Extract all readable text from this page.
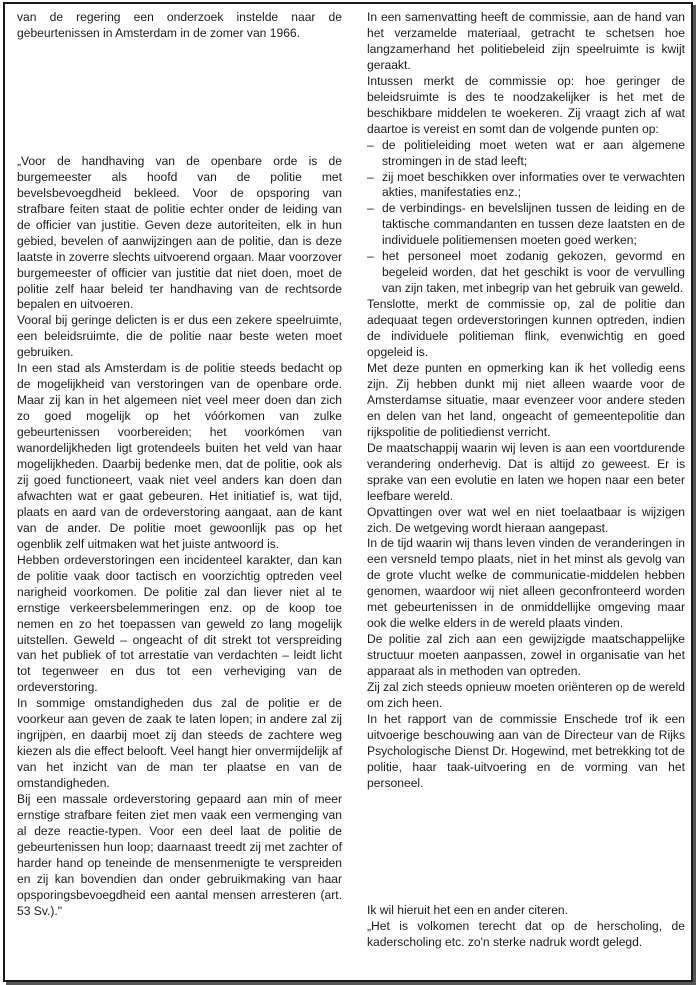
van de regering een onderzoek instelde naar de gebeurtenissen in Amsterdam in de zomer van 1966.

„Voor de handhaving van de openbare orde is de burgemeester als hoofd van de politie met bevelsbevoegdheid bekleed. Voor de opsporing van strafbare feiten staat de politie echter onder de leiding van de officier van justitie. Geven deze autoriteiten, elk in hun gebied, bevelen of aanwijzingen aan de politie, dan is deze laatste in zoverre slechts uitvoerend orgaan. Maar voorzover burgemeester of officier van justitie dat niet doen, moet de politie zelf haar beleid ter handhaving van de rechtsorde bepalen en uitvoeren.

Vooral bij geringe delicten is er dus een zekere speelruimte, een beleidsruimte, die de politie naar beste weten moet gebruiken.

In een stad als Amsterdam is de politie steeds bedacht op de mogelijkheid van verstoringen van de openbare orde. Maar zij kan in het algemeen niet veel meer doen dan zich zo goed mogelijk op het vóórkomen van zulke gebeurtenissen voorbereiden; het voorkómen van wanordelijkheden ligt grotendeels buiten het veld van haar mogelijkheden. Daarbij bedenke men, dat de politie, ook als zij goed functioneert, vaak niet veel anders kan doen dan afwachten wat er gaat gebeuren. Het initiatief is, wat tijd, plaats en aard van de ordeverstoring aangaat, aan de kant van de ander. De politie moet gewoonlijk pas op het ogenblik zelf uitmaken wat het juiste antwoord is.

Hebben ordeverstoringen een incidenteel karakter, dan kan de politie vaak door tactisch en voorzichtig optreden veel narigheid voorkomen. De politie zal dan liever niet al te ernstige verkeersbelemmeringen enz. op de koop toe nemen en zo het toepassen van geweld zo lang mogelijk uitstellen. Geweld – ongeacht of dit strekt tot verspreiding van het publiek of tot arrestatie van verdachten – leidt licht tot tegenweer en dus tot een verheviging van de ordeverstoring.

In sommige omstandigheden dus zal de politie er de voorkeur aan geven de zaak te laten lopen; in andere zal zij ingrijpen, en daarbij moet zij dan steeds de zachtere weg kiezen als die effect belooft. Veel hangt hier onvermijdelijk af van het inzicht van de man ter plaatse en van de omstandigheden.

Bij een massale ordeverstoring gepaard aan min of meer ernstige strafbare feiten ziet men vaak een vermenging van al deze reactie-typen. Voor een deel laat de politie de gebeurtenissen hun loop; daarnaast treedt zij met zachter of harder hand op teneinde de mensenmenigte te verspreiden en zij kan bovendien dan onder gebruikmaking van haar opsporingsbevoegdheid een aantal mensen arresteren (art. 53 Sv.)."

In een samenvatting heeft de commissie, aan de hand van het verzamelde materiaal, getracht te schetsen hoe langzamerhand het politiebeleid zijn speelruimte is kwijt geraakt.

Intussen merkt de commissie op: hoe geringer de beleidsruimte is des te noodzakelijker is het met de beschikbare middelen te woekeren. Zij vraagt zich af wat daartoe is vereist en somt dan de volgende punten op:

– de politieleiding moet weten wat er aan algemene stromingen in de stad leeft;
– zij moet beschikken over informaties over te verwachten akties, manifestaties enz.;
– de verbindings- en bevelslijnen tussen de leiding en de taktische commandanten en tussen deze laatsten en de individuele politiemensen moeten goed werken;
– het personeel moet zodanig gekozen, gevormd en begeleid worden, dat het geschikt is voor de vervulling van zijn taken, met inbegrip van het gebruik van geweld.

Tenslotte, merkt de commissie op, zal de politie dan adequaat tegen ordeverstoringen kunnen optreden, indien de individuele politieman flink, evenwichtig en goed opgeleid is.

Met deze punten en opmerking kan ik het volledig eens zijn. Zij hebben dunkt mij niet alleen waarde voor de Amsterdamse situatie, maar evenzeer voor andere steden en delen van het land, ongeacht of gemeentepolitie dan rijkspolitie de politiedienst verricht.

De maatschappij waarin wij leven is aan een voortdurende verandering onderhevig. Dat is altijd zo geweest. Er is sprake van een evolutie en laten we hopen naar een beter leefbare wereld.

Opvattingen over wat wel en niet toelaatbaar is wijzigen zich. De wetgeving wordt hieraan aangepast.

In de tijd waarin wij thans leven vinden de veranderingen in een versneld tempo plaats, niet in het minst als gevolg van de grote vlucht welke de communicatie-middelen hebben genomen, waardoor wij niet alleen geconfronteerd worden met gebeurtenissen in de onmiddellijke omgeving maar ook die welke elders in de wereld plaats vinden.

De politie zal zich aan een gewijzigde maatschappelijke structuur moeten aanpassen, zowel in organisatie van het apparaat als in methoden van optreden.

Zij zal zich steeds opnieuw moeten oriënteren op de wereld om zich heen.

In het rapport van de commissie Enschede trof ik een uitvoerige beschouwing aan van de Directeur van de Rijks Psychologische Dienst Dr. Hogewind, met betrekking tot de politie, haar taak-uitvoering en de vorming van het personeel.

Ik wil hieruit het een en ander citeren.

„Het is volkomen terecht dat op de herscholing, de kaderscholing etc. zo'n sterke nadruk wordt gelegd.
